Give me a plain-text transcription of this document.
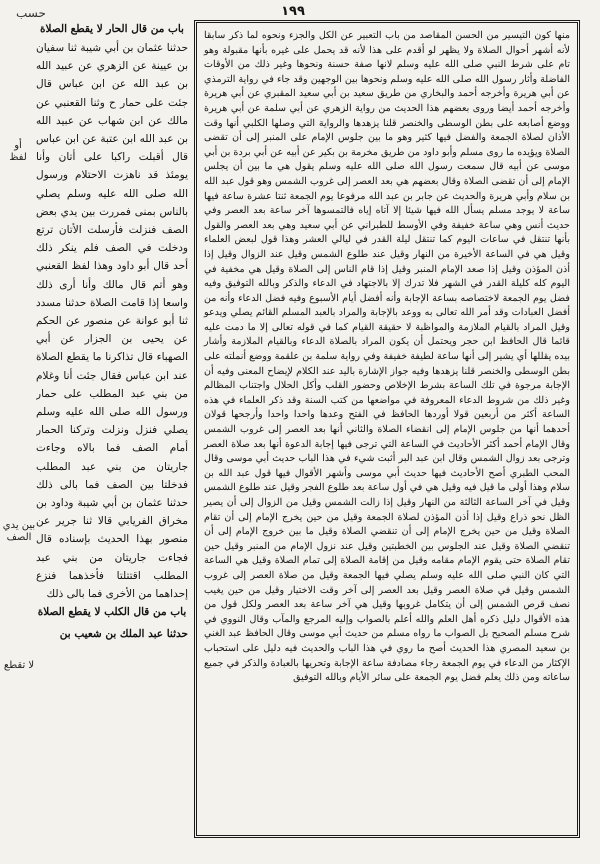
١٩٩
حسب

منها كون التيسير من الحسن المقاصد من باب التعبير عن الكل والجزء ونحوه لما ذكر سابقا لأنه أشهر أحوال الصلاة ولا يظهر لو أقدم على هذا لأنه قد يحمل على غيره بأنها مقبولة وهو تام على شرط النبي صلى الله عليه وسلم لانها صفة حسنة ونحوها وغير ذلك من الأوقات الفاضلة وأثار رسول الله صلى الله عليه وسلم ونحوها بين الوجهين وقد جاء في رواية الترمذي عن أبي هريرة وأخرجه أحمد والبخاري من طريق سعيد بن أبي سعيد المقبري عن أبي هريرة وأخرجه أحمد أيضا وروى بعضهم هذا الحديث من رواية الزهري عن أبي سلمة عن أبي هريرة ووضع أصابعه على بطن الوسطى والخنصر قلنا يزهدها والرواية التي وصلها الكلبي أنها وقت الأذان لصلاة الجمعة والفضل فيها كثير وهو ما بين جلوس الإمام على المنبر إلى أن تقضى الصلاة ويؤيده ما روى مسلم وأبو داود من طريق مخرمة بن بكير عن أبيه عن أبي بردة بن أبي موسى عن أبيه قال سمعت رسول الله صلى الله عليه وسلم يقول هي ما بين أن يجلس الإمام إلى أن تقضى الصلاة وقال بعضهم هي بعد العصر إلى غروب الشمس وهو قول عبد الله بن سلام وأبي هريرة والحديث عن جابر بن عبد الله مرفوعا يوم الجمعة ثنتا عشرة ساعة فيها ساعة لا يوجد مسلم يسأل الله فيها شيئا إلا آتاه إياه فالتمسوها آخر ساعة بعد العصر وفي حديث أنس وهي ساعة خفيفة وفي الأوسط للطبراني عن أبي سعيد وهي بعد العصر والقول بأنها تنتقل في ساعات اليوم كما تنتقل ليلة القدر في ليالي العشر وهذا قول لبعض العلماء وقيل هي في الساعة الأخيرة من النهار وقيل عند طلوع الشمس وقيل عند الزوال وقيل إذا أذن المؤذن وقيل إذا صعد الإمام المنبر وقيل إذا قام الناس إلى الصلاة وقيل هي مخفية في اليوم كله كليلة القدر في الشهر فلا تدرك إلا بالاجتهاد في الدعاء والذكر وبالله التوفيق وفيه فضل يوم الجمعة لاختصاصه بساعة الإجابة وأنه أفضل أيام الأسبوع وفيه فضل الدعاء وأنه من أفضل العبادات وقد أمر الله تعالى به ووعد بالإجابة والمراد بالعبد المسلم القائم يصلي ويدعو وقيل المراد بالقيام الملازمة والمواظبة لا حقيقة القيام كما في قوله تعالى إلا ما دمت عليه قائما قال الحافظ ابن حجر ويحتمل أن يكون المراد بالصلاة الدعاء وبالقيام الملازمة وأشار بيده يقللها أي يشير إلى أنها ساعة لطيفة خفيفة وفي رواية سلمة بن علقمة ووضع أنملته على بطن الوسطى والخنصر قلنا يزهدها وفيه جواز الإشارة باليد عند الكلام لإيضاح المعنى وفيه أن الإجابة مرجوة في تلك الساعة بشرط الإخلاص وحضور القلب وأكل الحلال واجتناب المظالم وغير ذلك من شروط الدعاء المعروفة في مواضعها من كتب السنة وقد ذكر العلماء في هذه الساعة أكثر من أربعين قولا أوردها الحافظ في الفتح وعدها واحدا واحدا وأرجحها قولان أحدهما أنها من جلوس الإمام إلى انقضاء الصلاة والثاني أنها بعد العصر إلى غروب الشمس وقال الإمام أحمد أكثر الأحاديث في الساعة التي ترجى فيها إجابة الدعوة أنها بعد صلاة العصر وترجى بعد زوال الشمس وقال ابن عبد البر أثبت شيء في هذا الباب حديث أبي موسى وقال المحب الطبري أصح الأحاديث فيها حديث أبي موسى وأشهر الأقوال فيها قول عبد الله بن سلام وهذا أولى ما قيل فيه وقيل هي في أول ساعة بعد طلوع الفجر وقيل عند طلوع الشمس وقيل في آخر الساعة الثالثة من النهار وقيل إذا زالت الشمس وقيل من الزوال إلى أن يصير الظل نحو ذراع وقيل إذا أذن المؤذن لصلاة الجمعة وقيل من حين يخرج الإمام إلى أن تقام الصلاة وقيل من حين يخرج الإمام إلى أن تنقضي الصلاة وقيل ما بين خروج الإمام إلى أن تنقضي الصلاة وقيل عند الجلوس بين الخطبتين وقيل عند نزول الإمام من المنبر وقيل حين تقام الصلاة حتى يقوم الإمام مقامه وقيل من إقامة الصلاة إلى تمام الصلاة وقيل هي الساعة التي كان النبي صلى الله عليه وسلم يصلي فيها الجمعة وقيل من صلاة العصر إلى غروب الشمس وقيل في صلاة العصر وقيل بعد العصر إلى آخر وقت الاختيار وقيل من حين يغيب نصف قرص الشمس إلى أن يتكامل غروبها وقيل هي آخر ساعة بعد العصر ولكل قول من هذه الأقوال دليل ذكره أهل العلم والله أعلم بالصواب وإليه المرجع والمآب وقال النووي في شرح مسلم الصحيح بل الصواب ما رواه مسلم من حديث أبي موسى وقال الحافظ عبد الغني بن سعيد المصري هذا الحديث أصح ما روي في هذا الباب والحديث فيه دليل على استحباب الإكثار من الدعاء في يوم الجمعة رجاء مصادفة ساعة الإجابة وتحريها بالعبادة والذكر في جميع ساعاته ومن ذلك يعلم فضل يوم الجمعة على سائر الأيام وبالله التوفيق

باب من قال الحار لا يقطع الصلاة

حدثنا عثمان بن أبي شيبة ثنا سفيان بن عيينة عن الزهري عن عبيد الله بن عبد الله عن ابن عباس قال جئت على حمار ح وثنا القعنبي عن مالك عن ابن شهاب عن عبيد الله بن عبد الله ابن عتبة عن ابن عباس قال أقبلت راكبا على أتان وأنا يومئذ قد ناهزت الاحتلام ورسول الله صلى الله عليه وسلم يصلي بالناس بمنى فمررت بين يدي بعض الصف فنزلت فأرسلت الأتان ترتع ودخلت في الصف فلم ينكر ذلك أحد قال أبو داود وهذا لفظ القعنبي وهو أتم قال مالك وأنا أرى ذلك واسعا إذا قامت الصلاة حدثنا مسدد ثنا أبو عوانة عن منصور عن الحكم عن يحيى بن الجزار عن أبي الصهباء قال تذاكرنا ما يقطع الصلاة عند ابن عباس فقال جئت أنا وغلام من بني عبد المطلب على حمار ورسول الله صلى الله عليه وسلم يصلي فنزل ونزلت وتركنا الحمار أمام الصف فما بالاه وجاءت جاريتان من بني عبد المطلب فدخلتا بين الصف فما بالى ذلك حدثنا عثمان بن أبي شيبة وداود بن مخراق الفريابي قالا ثنا جرير عن منصور بهذا الحديث بإسناده قال فجاءت جاريتان من بني عبد المطلب اقتتلتا فأخذهما فنزع إحداهما من الأخرى فما بالى ذلك

باب من قال الكلب لا يقطع الصلاة

حدثنا عبد الملك بن شعيب بن

أو لفظ
بين يدي الصف
لا تقطع
